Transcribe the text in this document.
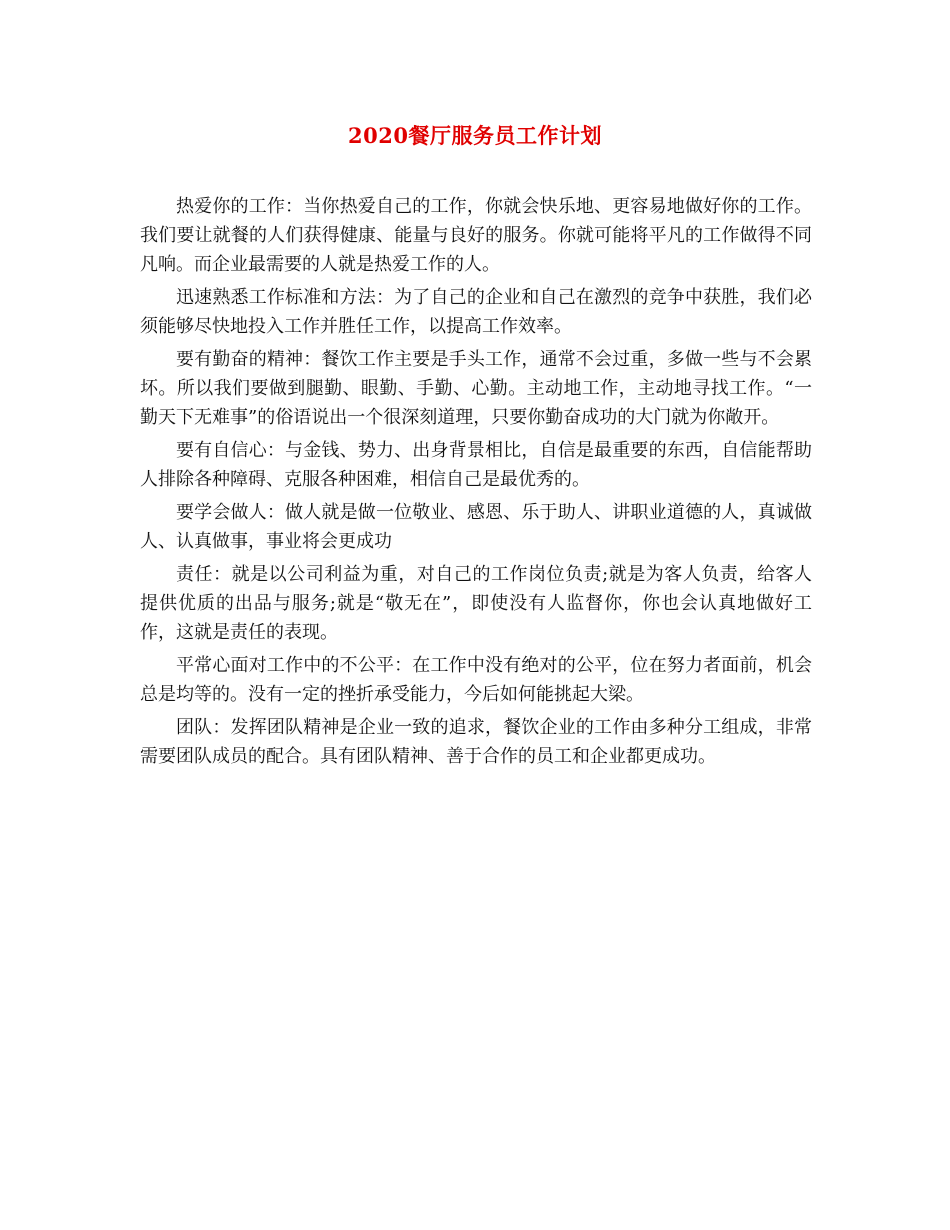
2020餐厅服务员工作计划

热爱你的工作：当你热爱自己的工作，你就会快乐地、更容易地做好你的工作。我们要让就餐的人们获得健康、能量与良好的服务。你就可能将平凡的工作做得不同凡响。而企业最需要的人就是热爱工作的人。

迅速熟悉工作标准和方法：为了自己的企业和自己在激烈的竞争中获胜，我们必须能够尽快地投入工作并胜任工作，以提高工作效率。

要有勤奋的精神：餐饮工作主要是手头工作，通常不会过重，多做一些与不会累坏。所以我们要做到腿勤、眼勤、手勤、心勤。主动地工作，主动地寻找工作。“一勤天下无难事”的俗语说出一个很深刻道理，只要你勤奋成功的大门就为你敞开。

要有自信心：与金钱、势力、出身背景相比，自信是最重要的东西，自信能帮助人排除各种障碍、克服各种困难，相信自己是最优秀的。

要学会做人：做人就是做一位敬业、感恩、乐于助人、讲职业道德的人，真诚做人、认真做事，事业将会更成功

责任：就是以公司利益为重，对自己的工作岗位负责;就是为客人负责，给客人提供优质的出品与服务;就是“敬无在”，即使没有人监督你，你也会认真地做好工作，这就是责任的表现。

平常心面对工作中的不公平：在工作中没有绝对的公平，位在努力者面前，机会总是均等的。没有一定的挫折承受能力，今后如何能挑起大梁。

团队：发挥团队精神是企业一致的追求，餐饮企业的工作由多种分工组成，非常需要团队成员的配合。具有团队精神、善于合作的员工和企业都更成功。
